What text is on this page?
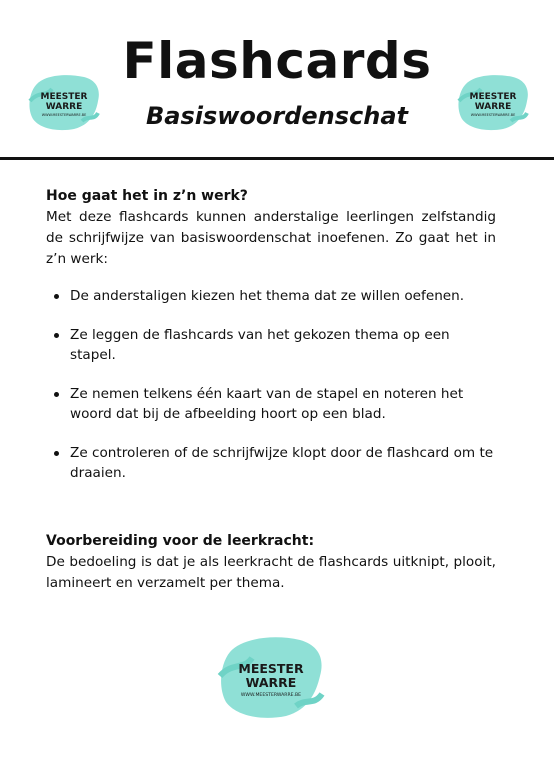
MEESTER
WARRE
WWW.MEESTERWARRE.BE
Flashcards
Basiswoordenschat
MEESTER
WARRE
WWW.MEESTERWARRE.BE
Hoe gaat het in z’n werk?

Met deze flashcards kunnen anderstalige leerlingen zelfstandig de schrijfwijze van basiswoordenschat inoefenen. Zo gaat het in z’n werk:

De anderstaligen kiezen het thema dat ze willen oefenen.
Ze leggen de flashcards van het gekozen thema op een stapel.
Ze nemen telkens één kaart van de stapel en noteren het woord dat bij de afbeelding hoort op een blad.
Ze controleren of de schrijfwijze klopt door de flashcard om te draaien.
Voorbereiding voor de leerkracht:

De bedoeling is dat je als leerkracht de flashcards uitknipt, plooit, lamineert en verzamelt per thema.

MEESTER
WARRE
WWW.MEESTERWARRE.BE
